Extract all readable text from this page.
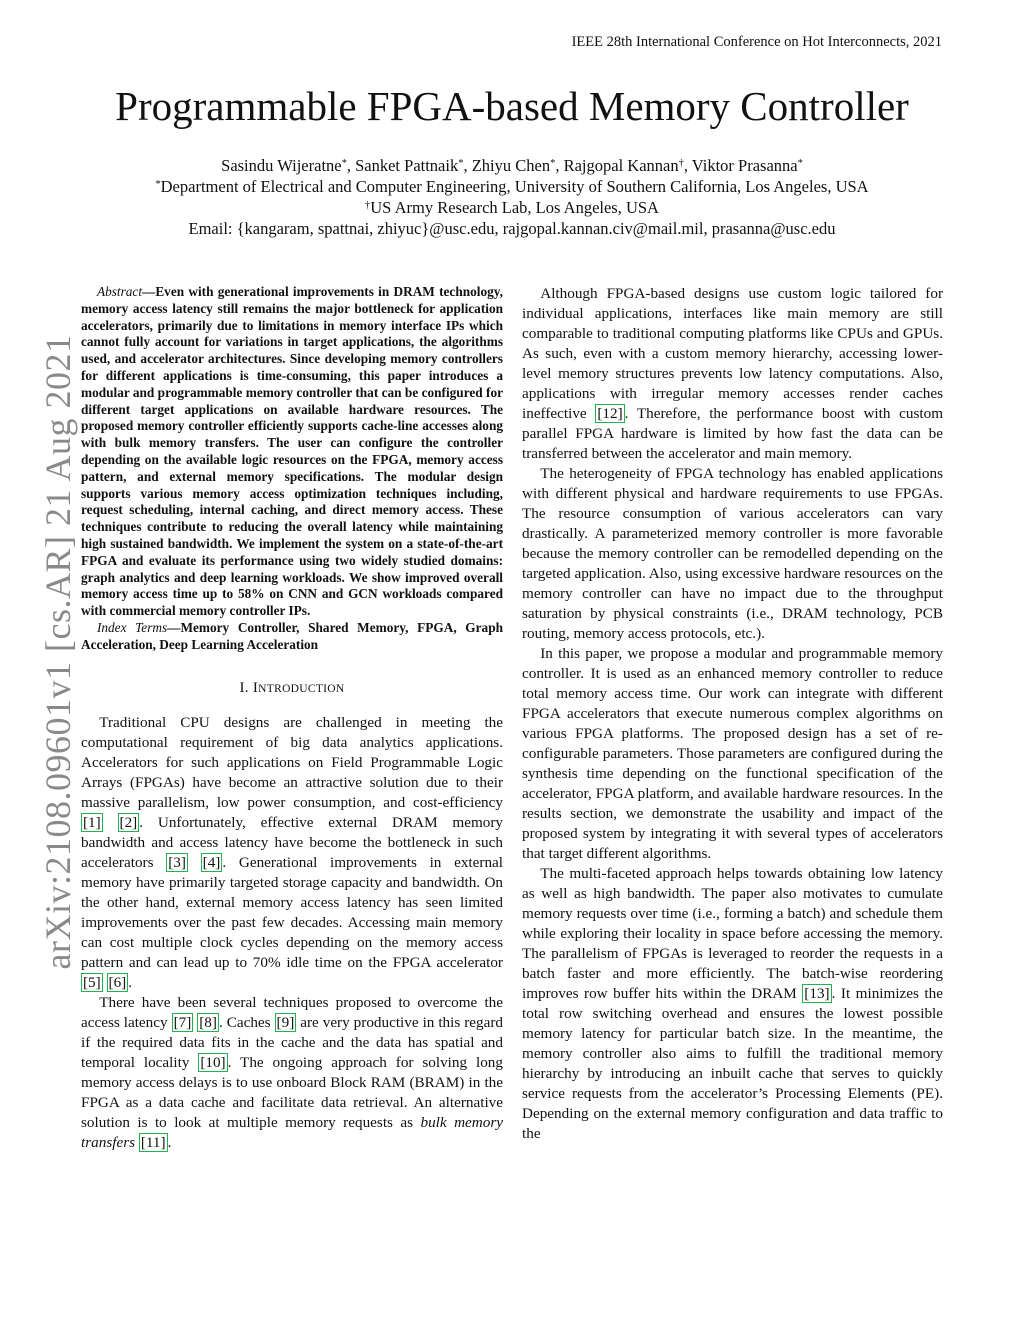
IEEE 28th International Conference on Hot Interconnects, 2021
arXiv:2108.09601v1 [cs.AR] 21 Aug 2021
Programmable FPGA-based Memory Controller
Sasindu Wijeratne*, Sanket Pattnaik*, Zhiyu Chen*, Rajgopal Kannan†, Viktor Prasanna*
*Department of Electrical and Computer Engineering, University of Southern California, Los Angeles, USA
†US Army Research Lab, Los Angeles, USA
Email: {kangaram, spattnai, zhiyuc}@usc.edu, rajgopal.kannan.civ@mail.mil, prasanna@usc.edu

Abstract—Even with generational improvements in DRAM technology, memory access latency still remains the major bottleneck for application accelerators, primarily due to limitations in memory interface IPs which cannot fully account for variations in target applications, the algorithms used, and accelerator architectures. Since developing memory controllers for different applications is time-consuming, this paper introduces a modular and programmable memory controller that can be configured for different target applications on available hardware resources. The proposed memory controller efficiently supports cache-line accesses along with bulk memory transfers. The user can configure the controller depending on the available logic resources on the FPGA, memory access pattern, and external memory specifications. The modular design supports various memory access optimization techniques including, request scheduling, internal caching, and direct memory access. These techniques contribute to reducing the overall latency while maintaining high sustained bandwidth. We implement the system on a state-of-the-art FPGA and evaluate its performance using two widely studied domains: graph analytics and deep learning workloads. We show improved overall memory access time up to 58% on CNN and GCN workloads compared with commercial memory controller IPs.

Index Terms—Memory Controller, Shared Memory, FPGA, Graph Acceleration, Deep Learning Acceleration

I. INTRODUCTION

Traditional CPU designs are challenged in meeting the computational requirement of big data analytics applications. Accelerators for such applications on Field Programmable Logic Arrays (FPGAs) have become an attractive solution due to their massive parallelism, low power consumption, and cost-efficiency [1] [2] . Unfortunately, effective external DRAM memory bandwidth and access latency have become the bottleneck in such accelerators [3] [4] . Generational improvements in external memory have primarily targeted storage capacity and bandwidth. On the other hand, external memory access latency has seen limited improvements over the past few decades. Accessing main memory can cost multiple clock cycles depending on the memory access pattern and can lead up to 70% idle time on the FPGA accelerator [5] [6] .

There have been several techniques proposed to overcome the access latency [7] [8] . Caches [9] are very productive in this regard if the required data fits in the cache and the data has spatial and temporal locality [10] . The ongoing approach for solving long memory access delays is to use onboard Block RAM (BRAM) in the FPGA as a data cache and facilitate data retrieval. An alternative solution is to look at multiple memory requests as bulk memory transfers [11] .

Although FPGA-based designs use custom logic tailored for individual applications, interfaces like main memory are still comparable to traditional computing platforms like CPUs and GPUs. As such, even with a custom memory hierarchy, accessing lower-level memory structures prevents low latency computations. Also, applications with irregular memory accesses render caches ineffective [12] . Therefore, the performance boost with custom parallel FPGA hardware is limited by how fast the data can be transferred between the accelerator and main memory.

The heterogeneity of FPGA technology has enabled applications with different physical and hardware requirements to use FPGAs. The resource consumption of various accelerators can vary drastically. A parameterized memory controller is more favorable because the memory controller can be remodelled depending on the targeted application. Also, using excessive hardware resources on the memory controller can have no impact due to the throughput saturation by physical constraints (i.e., DRAM technology, PCB routing, memory access protocols, etc.).

In this paper, we propose a modular and programmable memory controller. It is used as an enhanced memory controller to reduce total memory access time. Our work can integrate with different FPGA accelerators that execute numerous complex algorithms on various FPGA platforms. The proposed design has a set of re-configurable parameters. Those parameters are configured during the synthesis time depending on the functional specification of the accelerator, FPGA platform, and available hardware resources. In the results section, we demonstrate the usability and impact of the proposed system by integrating it with several types of accelerators that target different algorithms.

The multi-faceted approach helps towards obtaining low latency as well as high bandwidth. The paper also motivates to cumulate memory requests over time (i.e., forming a batch) and schedule them while exploring their locality in space before accessing the memory. The parallelism of FPGAs is leveraged to reorder the requests in a batch faster and more efficiently. The batch-wise reordering improves row buffer hits within the DRAM [13] . It minimizes the total row switching overhead and ensures the lowest possible memory latency for particular batch size. In the meantime, the memory controller also aims to fulfill the traditional memory hierarchy by introducing an inbuilt cache that serves to quickly service requests from the accelerator’s Processing Elements (PE). Depending on the external memory configuration and data traffic to the
